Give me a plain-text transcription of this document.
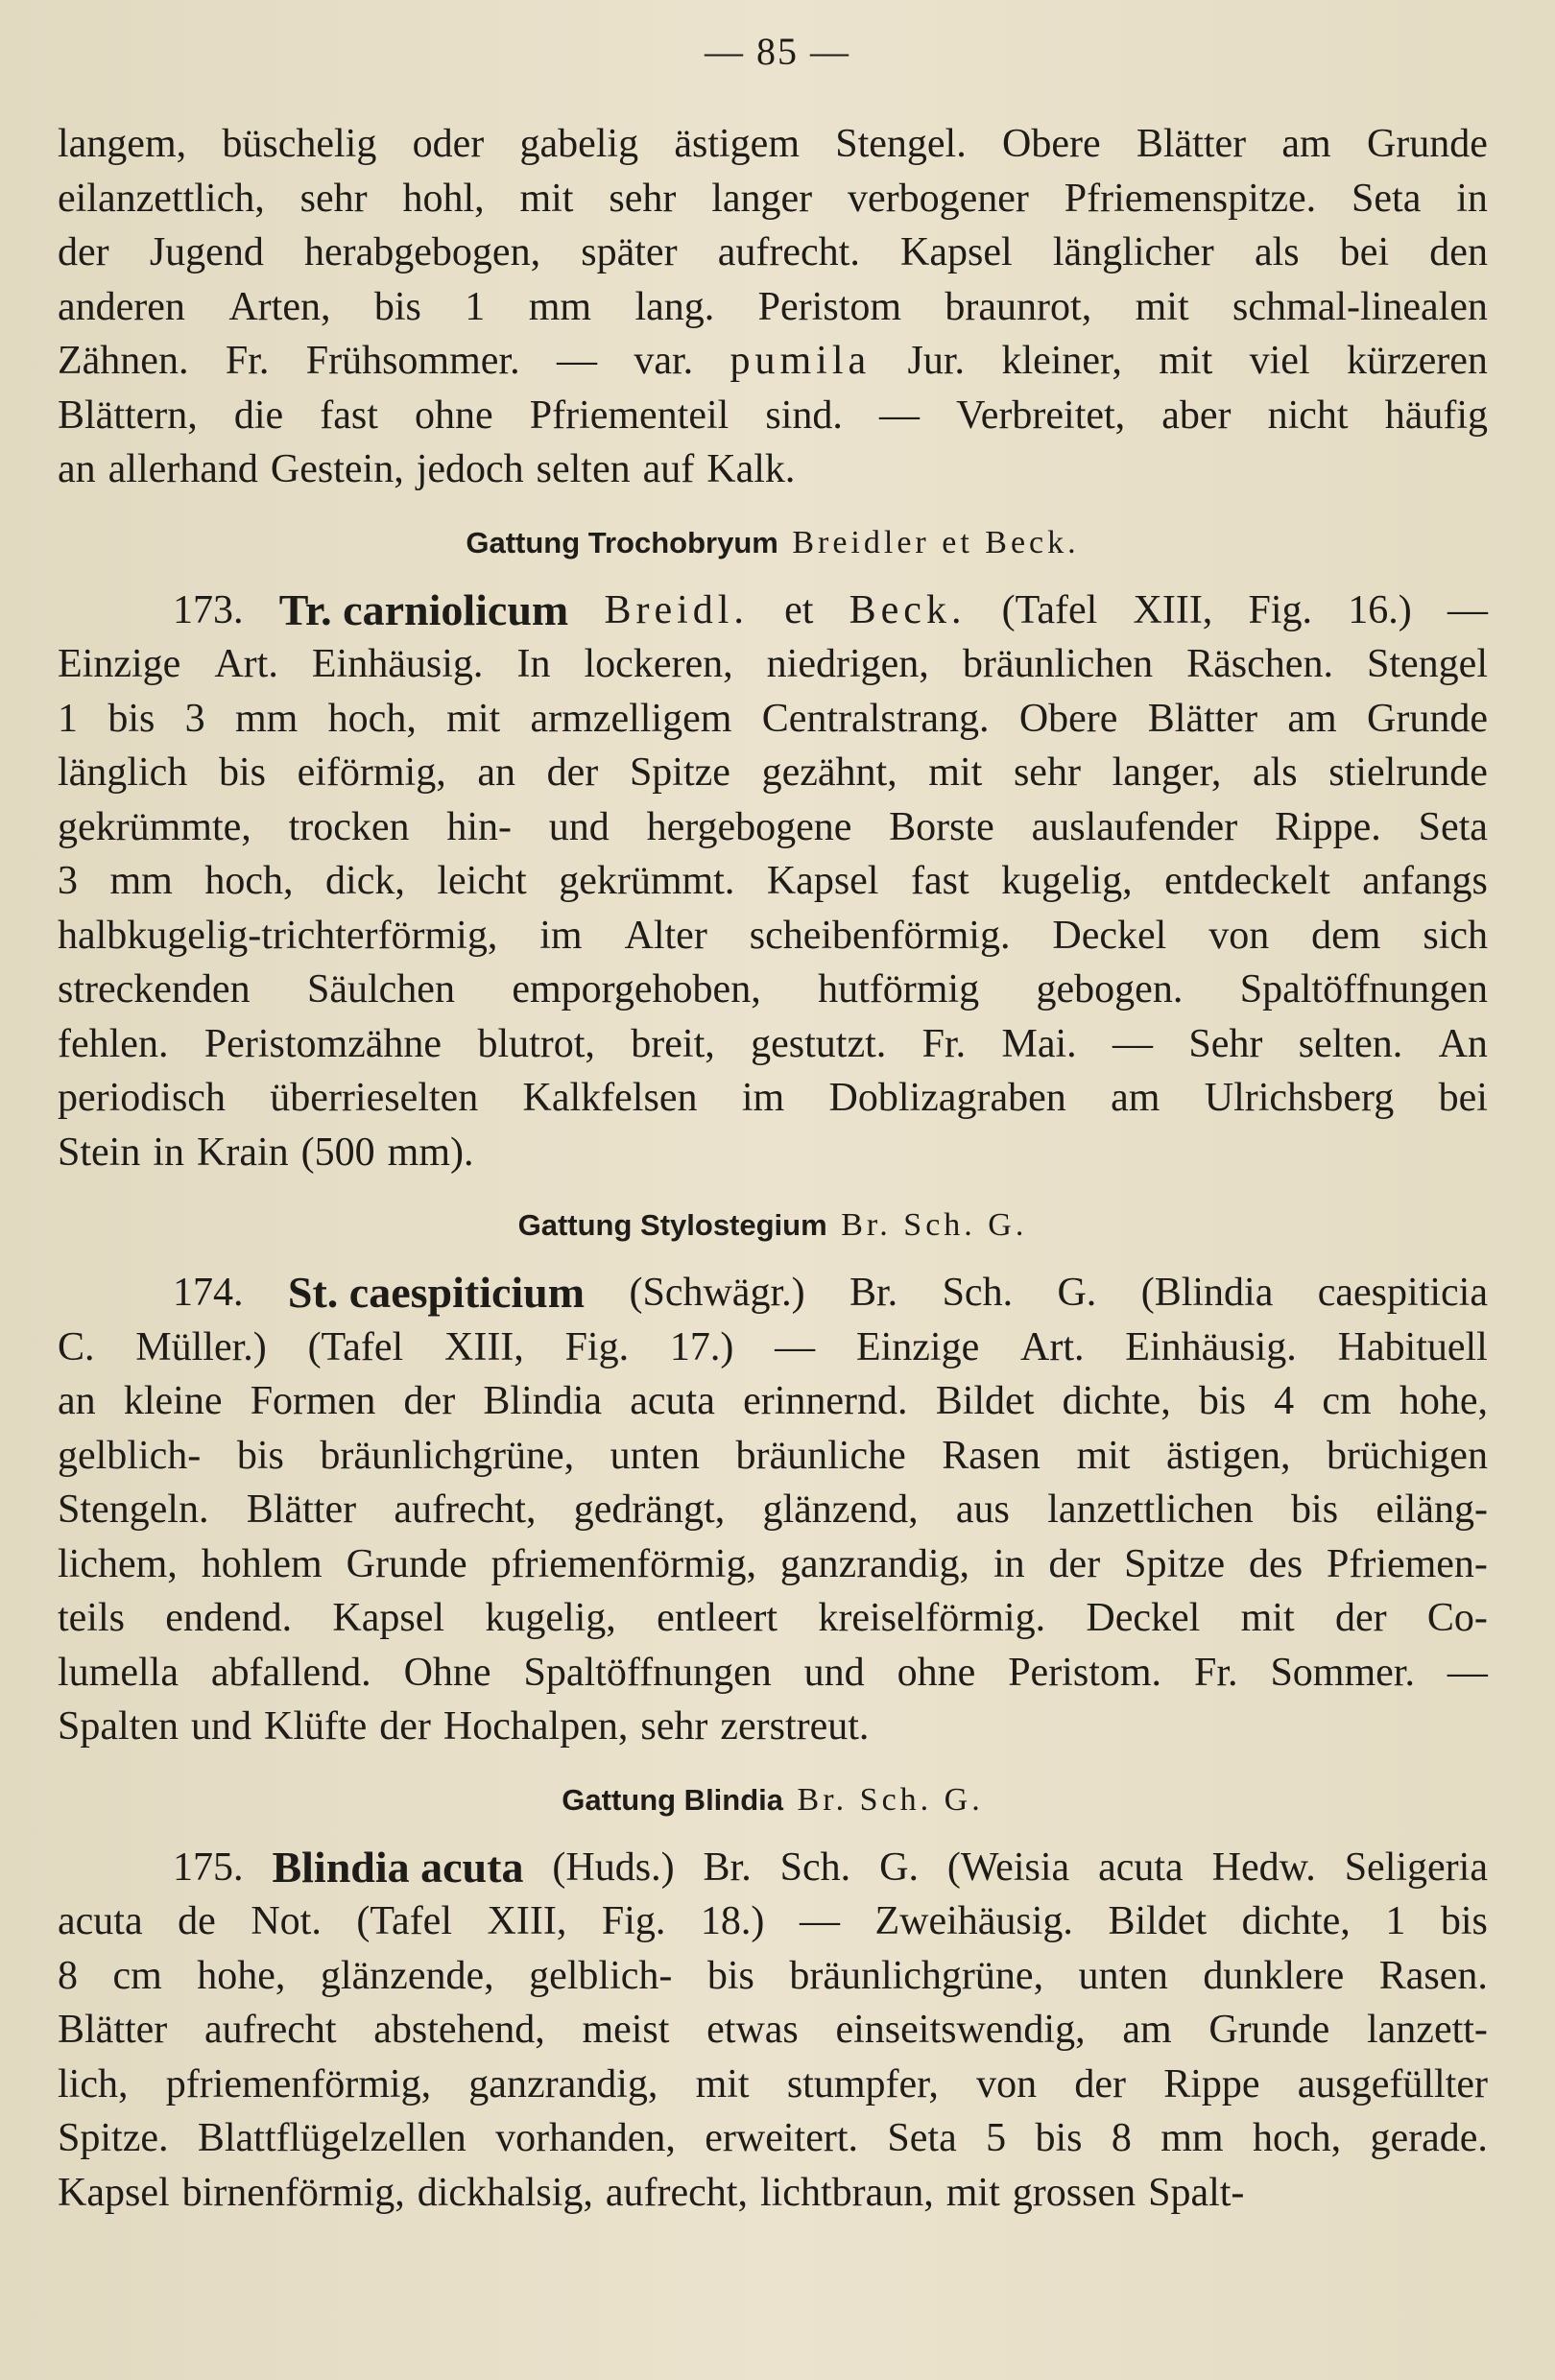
— 85 —
langem, büschelig oder gabelig ästigem Stengel. Obere Blätter am Grunde
eilanzettlich, sehr hohl, mit sehr langer verbogener Pfriemenspitze. Seta in
der Jugend herabgebogen, später aufrecht. Kapsel länglicher als bei den
anderen Arten, bis 1 mm lang. Peristom braunrot, mit schmal-linealen
Zähnen. Fr. Frühsommer. — var. pumila Jur. kleiner, mit viel kürzeren
Blättern, die fast ohne Pfriementeil sind. — Verbreitet, aber nicht häufig
an allerhand Gestein, jedoch selten auf Kalk.
Gattung Trochobryum Breidler et Beck.
173. Tr. carniolicum Breidl. et Beck. (Tafel XIII, Fig. 16.) —
Einzige Art. Einhäusig. In lockeren, niedrigen, bräunlichen Räschen. Stengel
1 bis 3 mm hoch, mit armzelligem Centralstrang. Obere Blätter am Grunde
länglich bis eiförmig, an der Spitze gezähnt, mit sehr langer, als stielrunde
gekrümmte, trocken hin- und hergebogene Borste auslaufender Rippe. Seta
3 mm hoch, dick, leicht gekrümmt. Kapsel fast kugelig, entdeckelt anfangs
halbkugelig-trichterförmig, im Alter scheibenförmig. Deckel von dem sich
streckenden Säulchen emporgehoben, hutförmig gebogen. Spaltöffnungen
fehlen. Peristomzähne blutrot, breit, gestutzt. Fr. Mai. — Sehr selten. An
periodisch überrieselten Kalkfelsen im Doblizagraben am Ulrichsberg bei
Stein in Krain (500 mm).
Gattung Stylostegium Br. Sch. G.
174. St. caespiticium (Schwägr.) Br. Sch. G. (Blindia caespiticia
C. Müller.) (Tafel XIII, Fig. 17.) — Einzige Art. Einhäusig. Habituell
an kleine Formen der Blindia acuta erinnernd. Bildet dichte, bis 4 cm hohe,
gelblich- bis bräunlichgrüne, unten bräunliche Rasen mit ästigen, brüchigen
Stengeln. Blätter aufrecht, gedrängt, glänzend, aus lanzettlichen bis eiläng-
lichem, hohlem Grunde pfriemenförmig, ganzrandig, in der Spitze des Pfriemen-
teils endend. Kapsel kugelig, entleert kreiselförmig. Deckel mit der Co-
lumella abfallend. Ohne Spaltöffnungen und ohne Peristom. Fr. Sommer. —
Spalten und Klüfte der Hochalpen, sehr zerstreut.
Gattung Blindia Br. Sch. G.
175. Blindia acuta (Huds.) Br. Sch. G. (Weisia acuta Hedw. Seligeria
acuta de Not. (Tafel XIII, Fig. 18.) — Zweihäusig. Bildet dichte, 1 bis
8 cm hohe, glänzende, gelblich- bis bräunlichgrüne, unten dunklere Rasen.
Blätter aufrecht abstehend, meist etwas einseitswendig, am Grunde lanzett-
lich, pfriemenförmig, ganzrandig, mit stumpfer, von der Rippe ausgefüllter
Spitze. Blattflügelzellen vorhanden, erweitert. Seta 5 bis 8 mm hoch, gerade.
Kapsel birnenförmig, dickhalsig, aufrecht, lichtbraun, mit grossen Spalt-
